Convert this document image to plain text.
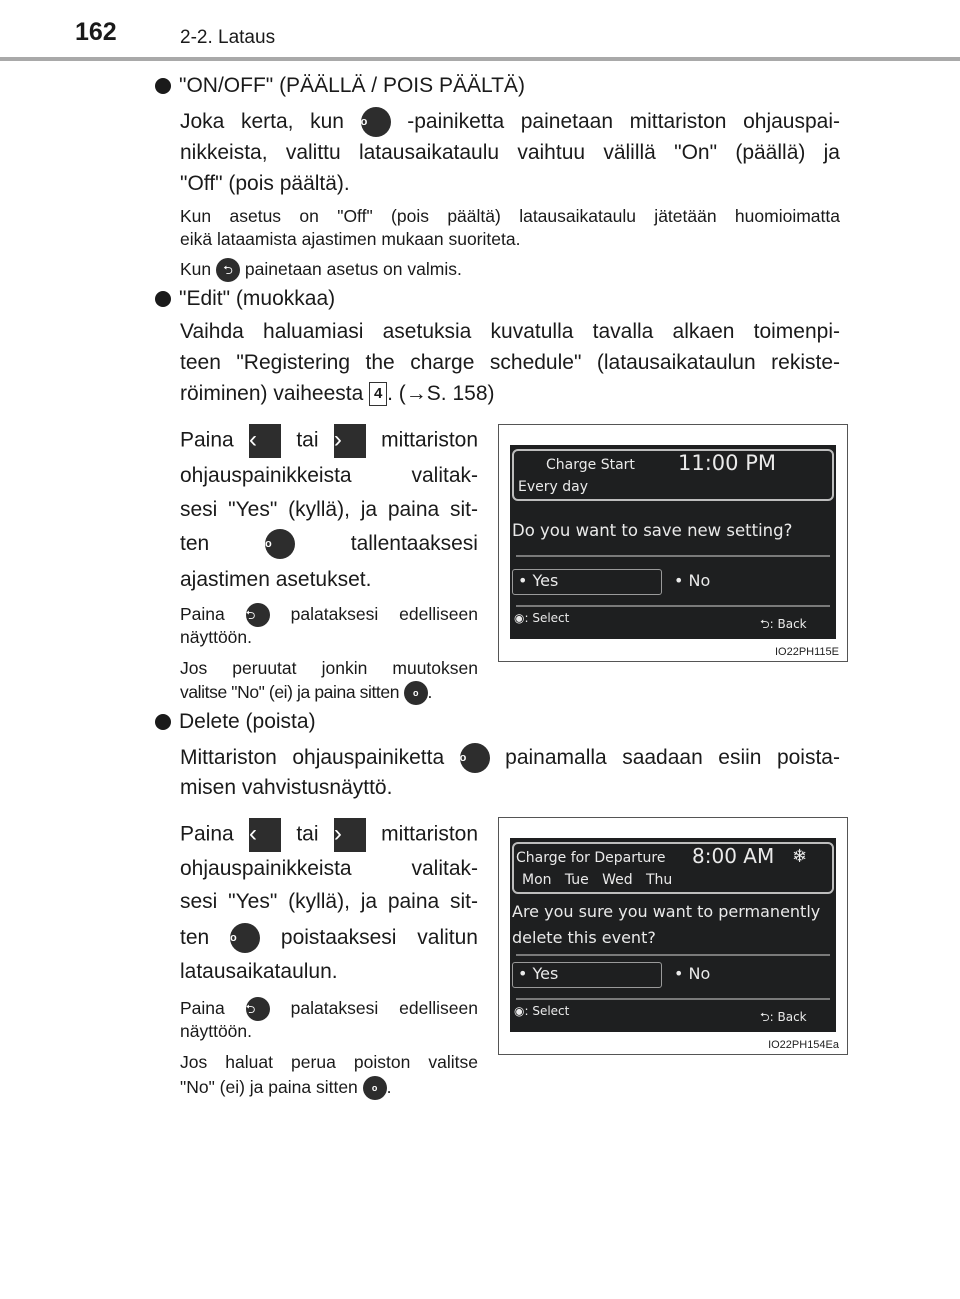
162	2-2. Lataus
"ON/OFF" (PÄÄLLÄ / POIS PÄÄLTÄ)
Joka kerta, kun o -painiketta painetaan mittariston ohjauspai-
nikkeista, valittu latausaikataulu vaihtuu välillä "On" (päällä) ja
"Off" (pois päältä).
Kun asetus on "Off" (pois päältä) latausaikataulu jätetään huomioimatta
eikä lataamista ajastimen mukaan suoriteta.
Kun ⮌ painetaan asetus on valmis.
"Edit" (muokkaa)
Vaihda haluamiasi asetuksia kuvatulla tavalla alkaen toimenpi-
teen "Registering the charge schedule" (latausaikataulun rekiste-
röiminen) vaiheesta 4 . (→S. 158)
Paina ‹ tai › mittariston
ohjauspainikkeista valitak-
sesi "Yes" (kyllä), ja paina sit-
ten	o	tallentaaksesi
ajastimen asetukset.
Paina ⮌ palataksesi edelliseen
näyttöön.
Jos peruutat jonkin muutoksen
valitse "No" (ei) ja paina sitten o .
Charge Start 11:00 PM
Every day
Do you want to save new setting?
• Yes	• No
◉: Select	⮌: Back
IO22PH115E
Delete (poista)
Mittariston ohjauspainiketta o painamalla saadaan esiin poista-
misen vahvistusnäyttö.
Paina ‹ tai › mittariston
ohjauspainikkeista valitak-
sesi "Yes" (kyllä), ja paina sit-
ten o poistaaksesi valitun
latausaikataulun.
Paina ⮌ palataksesi edelliseen
näyttöön.
Jos haluat perua poiston valitse
"No" (ei) ja paina sitten o .
Charge for Departure 8:00 AM ❄
Mon   Tue   Wed   Thu
Are you sure you want to permanently
delete this event?
• Yes	• No
◉: Select	⮌: Back
IO22PH154Ea
